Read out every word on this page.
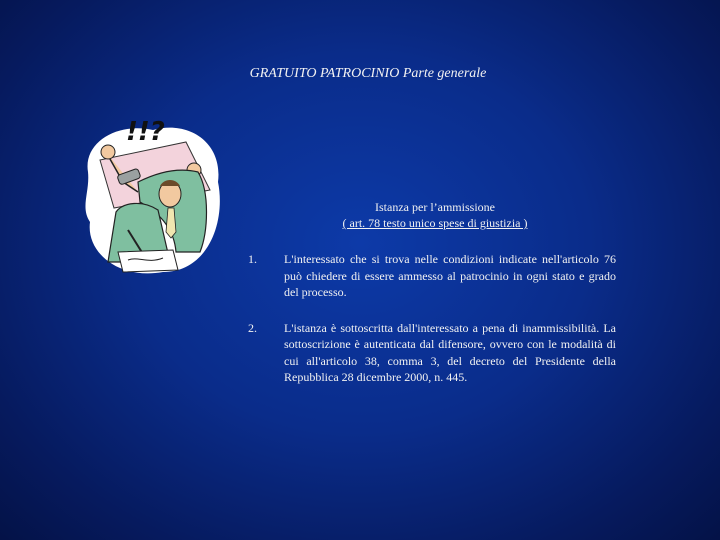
GRATUITO PATROCINIO Parte generale
!!?
Istanza per l’ammissione
( art. 78 testo unico spese di giustizia )
1.	L'interessato che si trova nelle condizioni indicate nell'articolo 76 può chiedere di essere ammesso al patrocinio in ogni stato e grado del processo.
2.	L'istanza è sottoscritta dall'interessato a pena di inammissibilità. La sottoscrizione è autenticata dal difensore, ovvero con le modalità di cui all'articolo 38, comma 3, del decreto del Presidente della Repubblica 28 dicembre 2000, n. 445.
